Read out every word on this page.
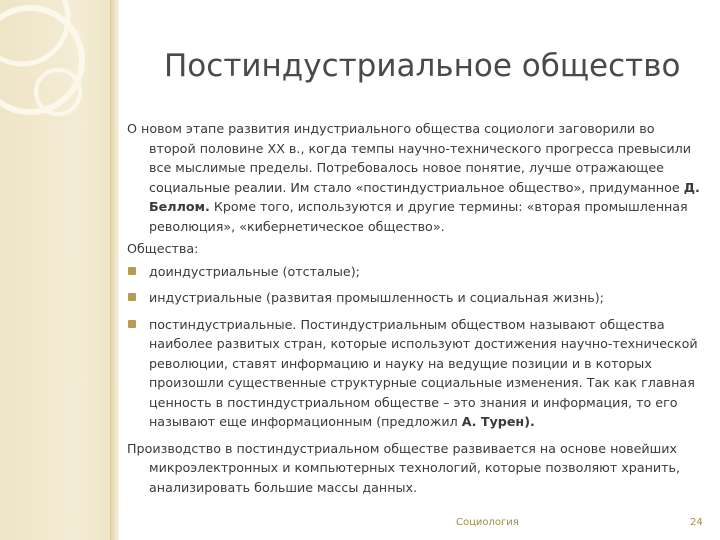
Постиндустриальное общество

О новом этапе развития индустриального общества социологи заговорили во второй половине XX в., когда темпы научно-технического прогресса превысили все мыслимые пределы. Потребовалось новое понятие, лучше отражающее социальные реалии. Им стало «постиндустриальное общество», придуманное Д. Беллом. Кроме того, используются и другие термины: «вторая промышленная революция», «кибернетическое общество».

Общества:

доиндустриальные (отсталые);
индустриальные (развитая промышленность и социальная жизнь);
постиндустриальные. Постиндустриальным обществом называют общества наиболее развитых стран, которые используют достижения научно-технической революции, ставят информацию и науку на ведущие позиции и в которых произошли существенные структурные социальные изменения. Так как главная ценность в постиндустриальном обществе – это знания и информация, то его называют еще информационным (предложил А. Турен).

Производство в постиндустриальном обществе развивается на основе новейших микроэлектронных и компьютерных технологий, которые позволяют хранить, анализировать большие массы данных.

Социология	24
